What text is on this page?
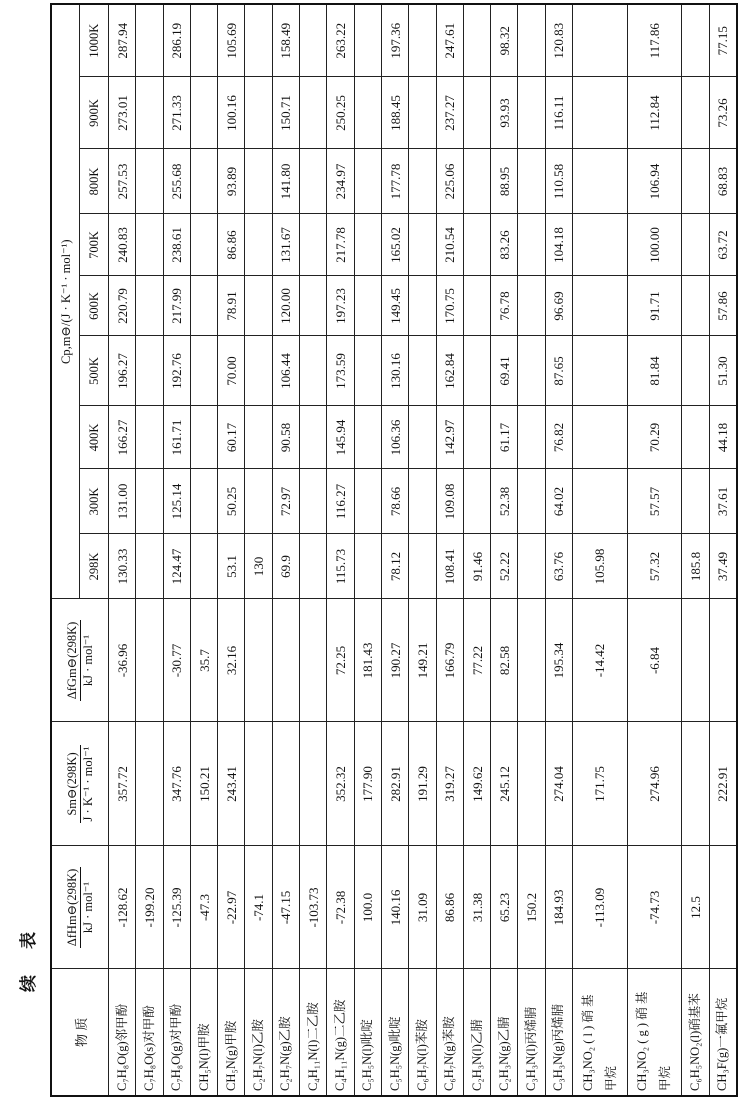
续表
物 质	ΔfHm⊖(298K) kJ · mol⁻¹	Sm⊖(298K) J · K⁻¹ · mol⁻¹	ΔfGm⊖(298K) kJ · mol⁻¹	Cp,m⊖/(J · K⁻¹ · mol⁻¹)								
				298K	300K	400K	500K	600K	700K	800K	900K	1000K
C₇H₈O(g)邻甲酚	-128.62	357.72	-36.96	130.33	131.00	166.27	196.27	220.79	240.83	257.53	273.01	287.94
C₇H₈O(s)对甲酚	-199.20											
C₇H₈O(g)对甲酚	-125.39	347.76	-30.77	124.47	125.14	161.71	192.76	217.99	238.61	255.68	271.33	286.19
CH₅N(l)甲胺	-47.3	150.21	35.7									
CH₅N(g)甲胺	-22.97	243.41	32.16	53.1	50.25	60.17	70.00	78.91	86.86	93.89	100.16	105.69
C₂H₇N(l)乙胺	-74.1			130								
C₂H₇N(g)乙胺	-47.15			69.9	72.97	90.58	106.44	120.00	131.67	141.80	150.71	158.49
C₄H₁₁N(l)二乙胺	-103.73											
C₄H₁₁N(g)二乙胺	-72.38	352.32	72.25	115.73	116.27	145.94	173.59	197.23	217.78	234.97	250.25	263.22
C₅H₅N(l)吡啶	100.0	177.90	181.43									
C₅H₅N(g)吡啶	140.16	282.91	190.27	78.12	78.66	106.36	130.16	149.45	165.02	177.78	188.45	197.36
C₆H₇N(l)苯胺	31.09	191.29	149.21									
C₆H₇N(g)苯胺	86.86	319.27	166.79	108.41	109.08	142.97	162.84	170.75	210.54	225.06	237.27	247.61
C₂H₃N(l)乙腈	31.38	149.62	77.22	91.46								
C₂H₃N(g)乙腈	65.23	245.12	82.58	52.22	52.38	61.17	69.41	76.78	83.26	88.95	93.93	98.32
C₃H₃N(l)丙烯腈	150.2											
C₃H₃N(g)丙烯腈	184.93	274.04	195.34	63.76	64.02	76.82	87.65	96.69	104.18	110.58	116.11	120.83
CH₃NO₂ ( l ) 硝 基 甲烷	-113.09	171.75	-14.42	105.98								
CH₃NO₂ ( g ) 硝 基 甲烷	-74.73	274.96	-6.84	57.32	57.57	70.29	81.84	91.71	100.00	106.94	112.84	117.86
C₆H₅NO₂(l)硝基苯	12.5			185.8								
CH₃F(g)一氟甲烷		222.91		37.49	37.61	44.18	51.30	57.86	63.72	68.83	73.26	77.15
